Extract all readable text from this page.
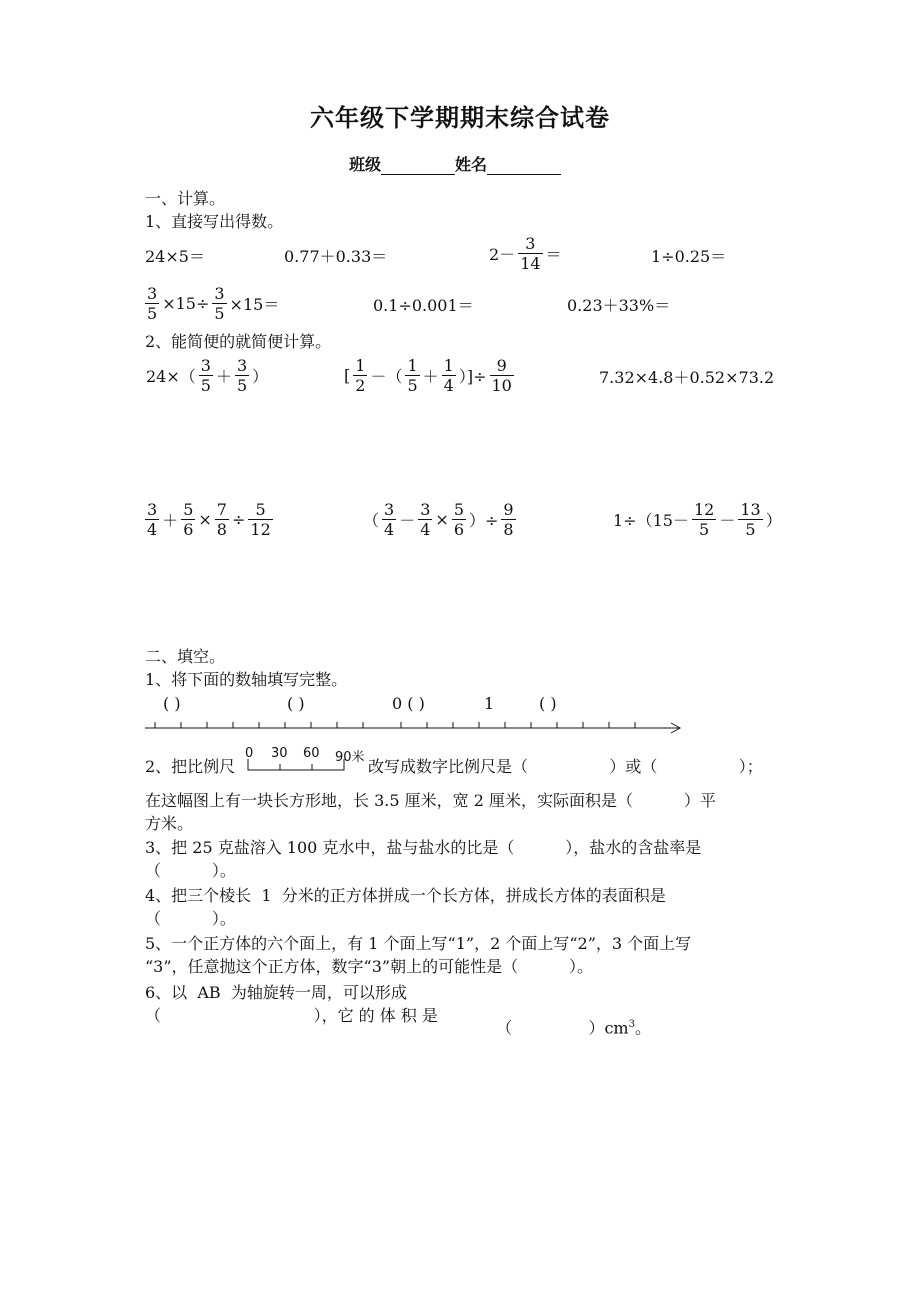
六年级下学期期末综合试卷
班级	姓名
一、计算。
1、直接写出得数。
24×5＝	0.77＋0.33＝	$2- \frac{3}{14}$ ＝	1÷0.25＝
$\frac{3}{5} \times 15\div \frac{3}{5} \times 15=$	0.1÷0.001＝	0.23＋33%＝
2、能简便的就简便计算。
$24\times( \frac{3}{5} + \frac{3}{5}$ ）	[ $\frac{1}{2}$ －（ $\frac{1}{5} + \frac{1}{4}$ ）]÷ $\frac{9}{10}$	7.32×4.8＋0.52×73.2
$\frac{3}{4} + \frac{5}{6} \times \frac{7}{8} \div \frac{5}{12}$	（ $\frac{3}{4} - \frac{3}{4} \times \frac{5}{6}$ ）÷ $\frac{9}{8}$	$1\div(15- \frac{12}{5} - \frac{13}{5}$ ）
二、填空。
1、将下面的数轴填写完整。
( )	( )	0 ( )	1	( )
2、把比例尺
0 30 60 90米 改写成数字比例尺是（                ）或（                ）；
在这幅图上有一块长方形地，长 3.5 厘米，宽 2 厘米，实际面积是（          ）平
方米。
3、把 25 克盐溶入 100 克水中，盐与盐水的比是（          ），盐水的含盐率是
（          ）。
4、把三个棱长  1  分米的正方体拼成一个长方体，拼成长方体的表面积是
（          ）。
5、一个正方体的六个面上，有 1 个面上写“1”，2 个面上写“2”，3 个面上写
“3”，任意抛这个正方体，数字“3”朝上的可能性是（          ）。
6、以  AB  为轴旋转一周，可以形成
（                              ），它 的 体 积 是

（               ）$cm^3$。
